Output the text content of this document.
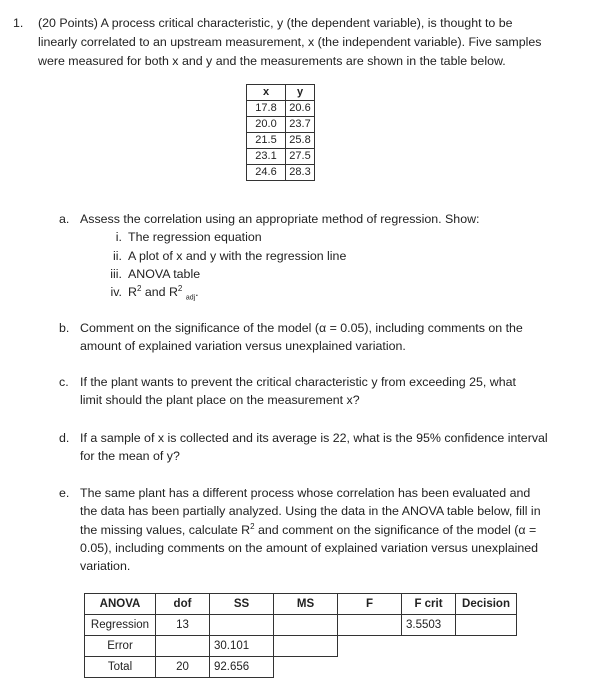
1. (20 Points) A process critical characteristic, y (the dependent variable), is thought to be
linearly correlated to an upstream measurement, x (the independent variable). Five samples
were measured for both x and y and the measurements are shown in the table below.
x	y
17.8	20.6
20.0	23.7
21.5	25.8
23.1	27.5
24.6	28.3
a. Assess the correlation using an appropriate method of regression. Show:
i. The regression equation
ii. A plot of x and y with the regression line
iii. ANOVA table
iv. $R^2$ and $R^2$ $_{adj}$.
b. Comment on the significance of the model (α = 0.05), including comments on the
amount of explained variation versus unexplained variation.
c. If the plant wants to prevent the critical characteristic y from exceeding 25, what
limit should the plant place on the measurement x?
d. If a sample of x is collected and its average is 22, what is the 95% confidence interval
for the mean of y?
e. The same plant has a different process whose correlation has been evaluated and
the data has been partially analyzed. Using the data in the ANOVA table below, fill in
the missing values, calculate $R^2$ and comment on the significance of the model (α =
0.05), including comments on the amount of explained variation versus unexplained
variation.
ANOVA	dof	SS	MS	F	F crit	Decision
Regression	13				3.5503	
Error		30.101				
Total	20	92.656				
